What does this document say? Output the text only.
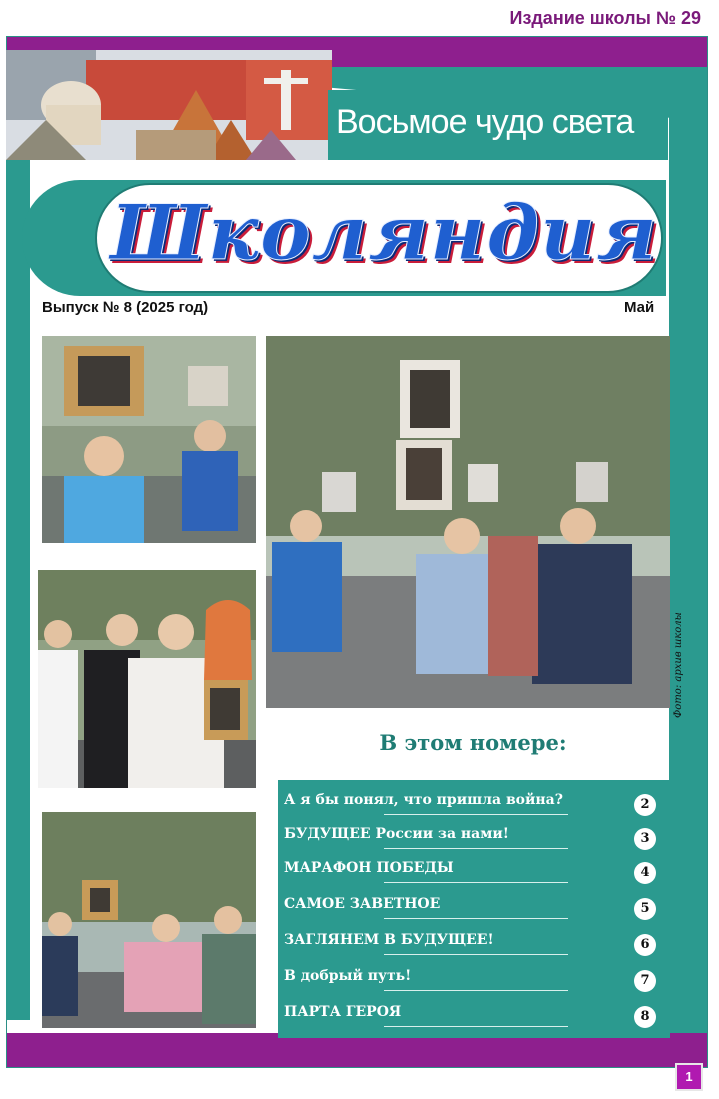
Издание школы № 29
Восьмое чудо света
Школяндия
Выпуск № 8 (2025 год)	Май
Фото: архив школы
В этом номере:
А я бы понял, что пришла война?	2
БУДУЩЕЕ России за нами!	3
МАРАФОН ПОБЕДЫ	4
САМОЕ ЗАВЕТНОЕ	5
ЗАГЛЯНЕМ В БУДУЩЕЕ!	6
В добрый путь!	7
ПАРТА ГЕРОЯ	8
1
